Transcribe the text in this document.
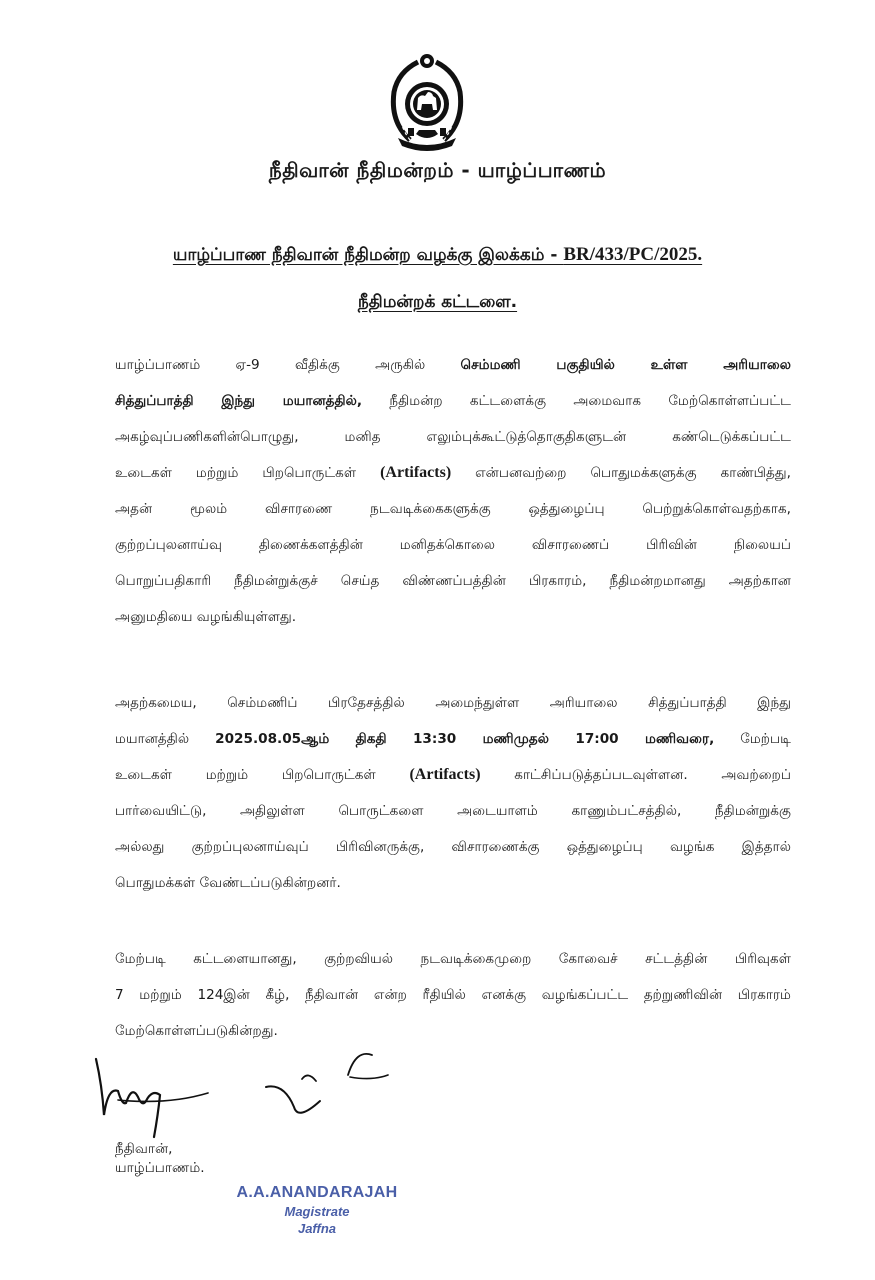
நீதிவான் நீதிமன்றம் - யாழ்ப்பாணம்
யாழ்ப்பாண நீதிவான் நீதிமன்ற வழக்கு இலக்கம் - BR/433/PC/2025.
நீதிமன்றக் கட்டளை.
யாழ்ப்பாணம் ஏ-9 வீதிக்கு அருகில் செம்மணி பகுதியில் உள்ள அரியாலை
சித்துப்பாத்தி இந்து மயானத்தில், நீதிமன்ற கட்டளைக்கு அமைவாக மேற்கொள்ளப்பட்ட
அகழ்வுப்பணிகளின்பொழுது, மனித எலும்புக்கூட்டுத்தொகுதிகளுடன் கண்டெடுக்கப்பட்ட
உடைகள் மற்றும் பிறபொருட்கள் (Artifacts) என்பனவற்றை பொதுமக்களுக்கு காண்பித்து,
அதன் மூலம் விசாரணை நடவடிக்கைகளுக்கு ஒத்துழைப்பு பெற்றுக்கொள்வதற்காக,
குற்றப்புலனாய்வு திணைக்களத்தின் மனிதக்கொலை விசாரணைப் பிரிவின் நிலையப்
பொறுப்பதிகாரி நீதிமன்றுக்குச் செய்த விண்ணப்பத்தின் பிரகாரம், நீதிமன்றமானது அதற்கான
அனுமதியை வழங்கியுள்ளது.
அதற்கமைய, செம்மணிப் பிரதேசத்தில் அமைந்துள்ள அரியாலை சித்துப்பாத்தி இந்து
மயானத்தில் 2025.08.05ஆம் திகதி 13:30 மணிமுதல் 17:00 மணிவரை, மேற்படி
உடைகள் மற்றும் பிறபொருட்கள் (Artifacts) காட்சிப்படுத்தப்படவுள்ளன. அவற்றைப்
பார்வையிட்டு, அதிலுள்ள பொருட்களை அடையாளம் காணும்பட்சத்தில், நீதிமன்றுக்கு
அல்லது குற்றப்புலனாய்வுப் பிரிவினருக்கு, விசாரணைக்கு ஒத்துழைப்பு வழங்க இத்தால்
பொதுமக்கள் வேண்டப்படுகின்றனர்.
மேற்படி கட்டளையானது, குற்றவியல் நடவடிக்கைமுறை கோவைச் சட்டத்தின் பிரிவுகள்
7 மற்றும் 124இன் கீழ், நீதிவான் என்ற ரீதியில் எனக்கு வழங்கப்பட்ட தற்றுணிவின் பிரகாரம்
மேற்கொள்ளப்படுகின்றது.
நீதிவான்,
யாழ்ப்பாணம்.
A.A.ANANDARAJAH
Magistrate
Jaffna
